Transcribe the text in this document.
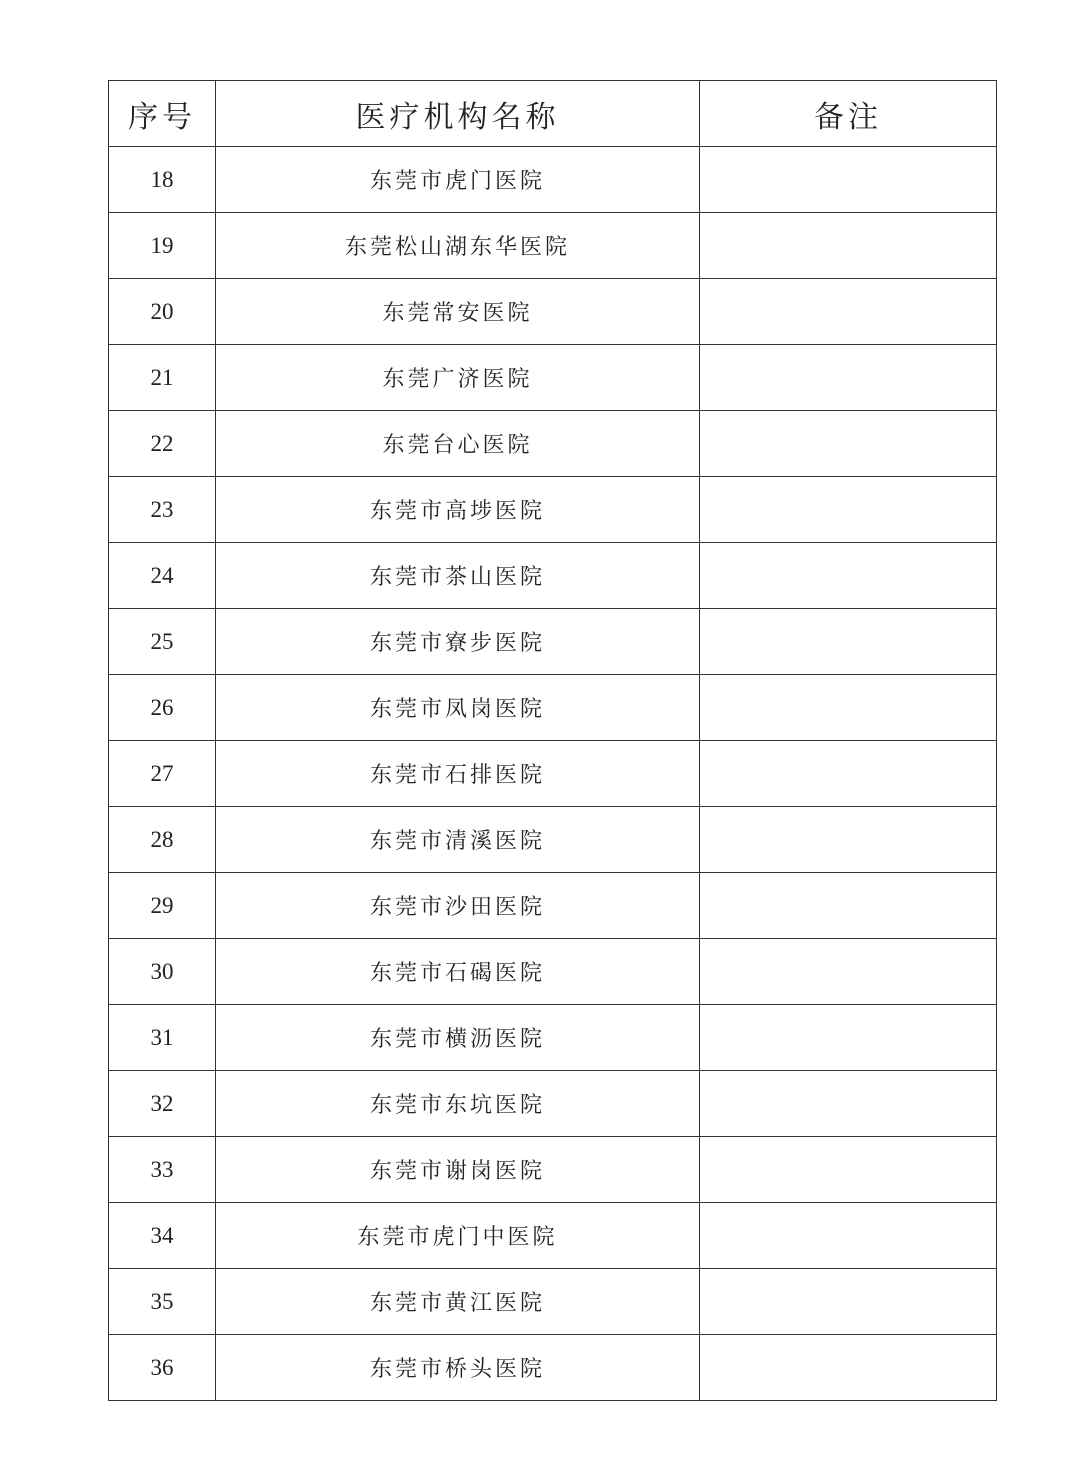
序号	医疗机构名称	备注
18	东莞市虎门医院	
19	东莞松山湖东华医院	
20	东莞常安医院	
21	东莞广济医院	
22	东莞台心医院	
23	东莞市高埗医院	
24	东莞市茶山医院	
25	东莞市寮步医院	
26	东莞市凤岗医院	
27	东莞市石排医院	
28	东莞市清溪医院	
29	东莞市沙田医院	
30	东莞市石碣医院	
31	东莞市横沥医院	
32	东莞市东坑医院	
33	东莞市谢岗医院	
34	东莞市虎门中医院	
35	东莞市黄江医院	
36	东莞市桥头医院	
